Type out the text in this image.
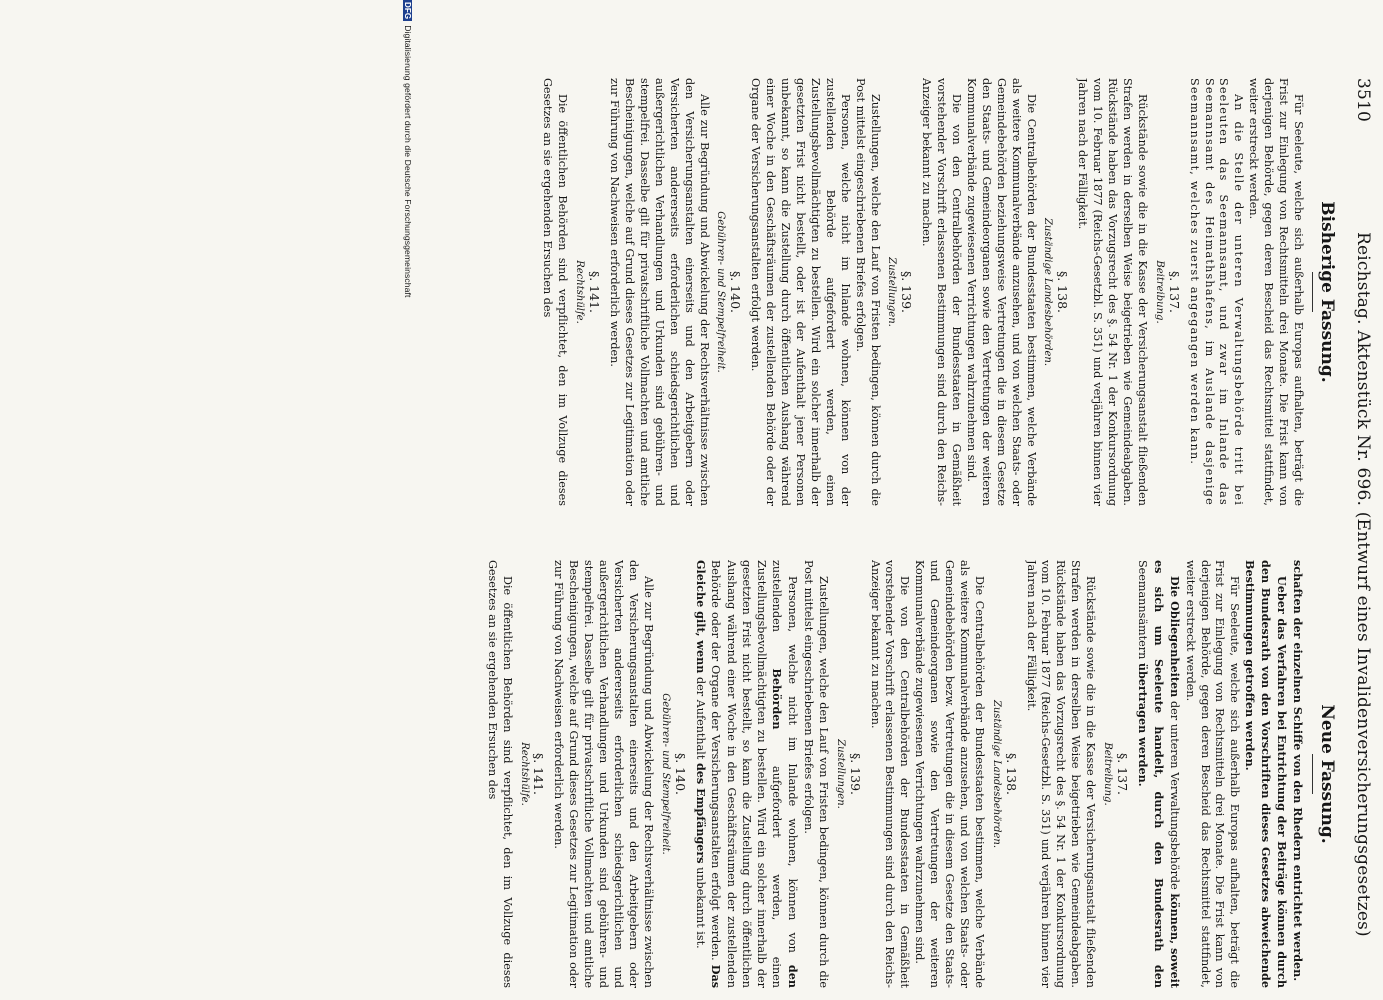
3510
Reichstag. Aktenstück Nr. 696. (Entwurf eines Invalidenversicherungsgesetzes)
Bisherige Fassung.
Neue Fassung.

Für Seeleute, welche sich außerhalb Europas aufhalten, beträgt die Frist zur Einlegung von Rechtsmitteln drei Monate. Die Frist kann von derjenigen Behörde, gegen deren Bescheid das Rechtsmittel stattfindet, weiter erstreckt werden.

An die Stelle der unteren Verwaltungsbehörde tritt bei Seeleuten das Seemannsamt, und zwar im Inlande das Seemannsamt des Heimathshafens, im Auslande dasjenige Seemannsamt, welches zuerst angegangen werden kann.

§. 137.

Beitreibung.

Rückstände sowie die in die Kasse der Versicherungsanstalt fließenden Strafen werden in derselben Weise beigetrieben wie Gemeindeabgaben. Rückstände haben das Vorzugsrecht des §. 54 Nr. 1 der Konkursordnung vom 10. Februar 1877 (Reichs-Gesetzbl. S. 351) und verjähren binnen vier Jahren nach der Fälligkeit.

§. 138.

Zuständige Landesbehörden.

Die Centralbehörden der Bundesstaaten bestimmen, welche Verbände als weitere Kommunalverbände anzusehen, und von welchen Staats- oder Gemeindebehörden beziehungsweise Vertretungen die in diesem Gesetze den Staats- und Gemeindeorganen sowie den Vertretungen der weiteren Kommunalverbände zugewiesenen Verrichtungen wahrzunehmen sind.

Die von den Centralbehörden der Bundesstaaten in Gemäßheit vorstehender Vorschrift erlassenen Bestimmungen sind durch den Reichs-Anzeiger bekannt zu machen.

§. 139.

Zustellungen.

Zustellungen, welche den Lauf von Fristen bedingen, können durch die Post mittelst eingeschriebenen Briefes erfolgen.

Personen, welche nicht im Inlande wohnen, können von der zustellenden Behörde aufgefordert werden, einen Zustellungsbevollmächtigten zu bestellen. Wird ein solcher innerhalb der gesetzten Frist nicht bestellt, oder ist der Aufenthalt jener Personen unbekannt, so kann die Zustellung durch öffentlichen Aushang während einer Woche in den Geschäftsräumen der zustellenden Behörde oder der Organe der Versicherungsanstalten erfolgt werden.

§. 140.

Gebühren- und Stempelfreiheit.

Alle zur Begründung und Abwickelung der Rechtsverhältnisse zwischen den Versicherungsanstalten einerseits und den Arbeitgebern oder Versicherten andererseits erforderlichen schiedsgerichtlichen und außergerichtlichen Verhandlungen und Urkunden sind gebühren- und stempelfrei. Dasselbe gilt für privatschriftliche Vollmachten und amtliche Bescheinigungen, welche auf Grund dieses Gesetzes zur Legitimation oder zur Führung von Nachweisen erforderlich werden.

§. 141.

Rechtshülfe.

Die öffentlichen Behörden sind verpflichtet, den im Vollzuge dieses Gesetzes an sie ergehenden Ersuchen des

schaften der einzelnen Schiffe von den Rhedern entrichtet werden.

Ueber das Verfahren bei Entrichtung der Beiträge können durch den Bundesrath von den Vorschriften dieses Gesetzes abweichende Bestimmungen getroffen werden.

Für Seeleute, welche sich außerhalb Europas aufhalten, beträgt die Frist zur Einlegung von Rechtsmitteln drei Monate. Die Frist kann von derjenigen Behörde, gegen deren Bescheid das Rechtsmittel stattfindet, weiter erstreckt werden.

Die Obliegenheiten der unteren Verwaltungsbehörde können, soweit es sich um Seeleute handelt, durch den Bundesrath den Seemannsämtern übertragen werden.

§. 137.

Beitreibung.

Rückstände sowie die in die Kasse der Versicherungsanstalt fließenden Strafen werden in derselben Weise beigetrieben wie Gemeindeabgaben. Rückstände haben das Vorzugsrecht des §. 54 Nr. 1 der Konkursordnung vom 10. Februar 1877 (Reichs-Gesetzbl. S. 351) und verjähren binnen vier Jahren nach der Fälligkeit.

§. 138.

Zuständige Landesbehörden.

Die Centralbehörden der Bundesstaaten bestimmen, welche Verbände als weitere Kommunalverbände anzusehen, und von welchen Staats- oder Gemeindebehörden bezw. Vertretungen die in diesem Gesetze den Staats- und Gemeindeorganen sowie den Vertretungen der weiteren Kommunalverbände zugewiesenen Verrichtungen wahrzunehmen sind.

Die von den Centralbehörden der Bundesstaaten in Gemäßheit vorstehender Vorschrift erlassenen Bestimmungen sind durch den Reichs-Anzeiger bekannt zu machen.

§. 139.

Zustellungen.

Zustellungen, welche den Lauf von Fristen bedingen, können durch die Post mittelst eingeschriebenen Briefes erfolgen.

Personen, welche nicht im Inlande wohnen, können von den zustellenden Behörden aufgefordert werden, einen Zustellungsbevollmächtigten zu bestellen. Wird ein solcher innerhalb der gesetzten Frist nicht bestellt, so kann die Zustellung durch öffentlichen Aushang während einer Woche in den Geschäftsräumen der zustellenden Behörde oder der Organe der Versicherungsanstalten erfolgt werden. Das Gleiche gilt, wenn der Aufenthalt des Empfängers unbekannt ist.

§. 140.

Gebühren- und Stempelfreiheit.

Alle zur Begründung und Abwickelung der Rechtsverhältnisse zwischen den Versicherungsanstalten einerseits und den Arbeitgebern oder Versicherten andererseits erforderlichen schiedsgerichtlichen und außergerichtlichen Verhandlungen und Urkunden sind gebühren- und stempelfrei. Dasselbe gilt für privatschriftliche Vollmachten und amtliche Bescheinigungen, welche auf Grund dieses Gesetzes zur Legitimation oder zur Führung von Nachweisen erforderlich werden.

§. 141.

Rechtshülfe.

Die öffentlichen Behörden sind verpflichtet, den im Vollzuge dieses Gesetzes an sie ergehenden Ersuchen des

DFGDigitalisierung gefördert durch die Deutsche Forschungsgemeinschaft
